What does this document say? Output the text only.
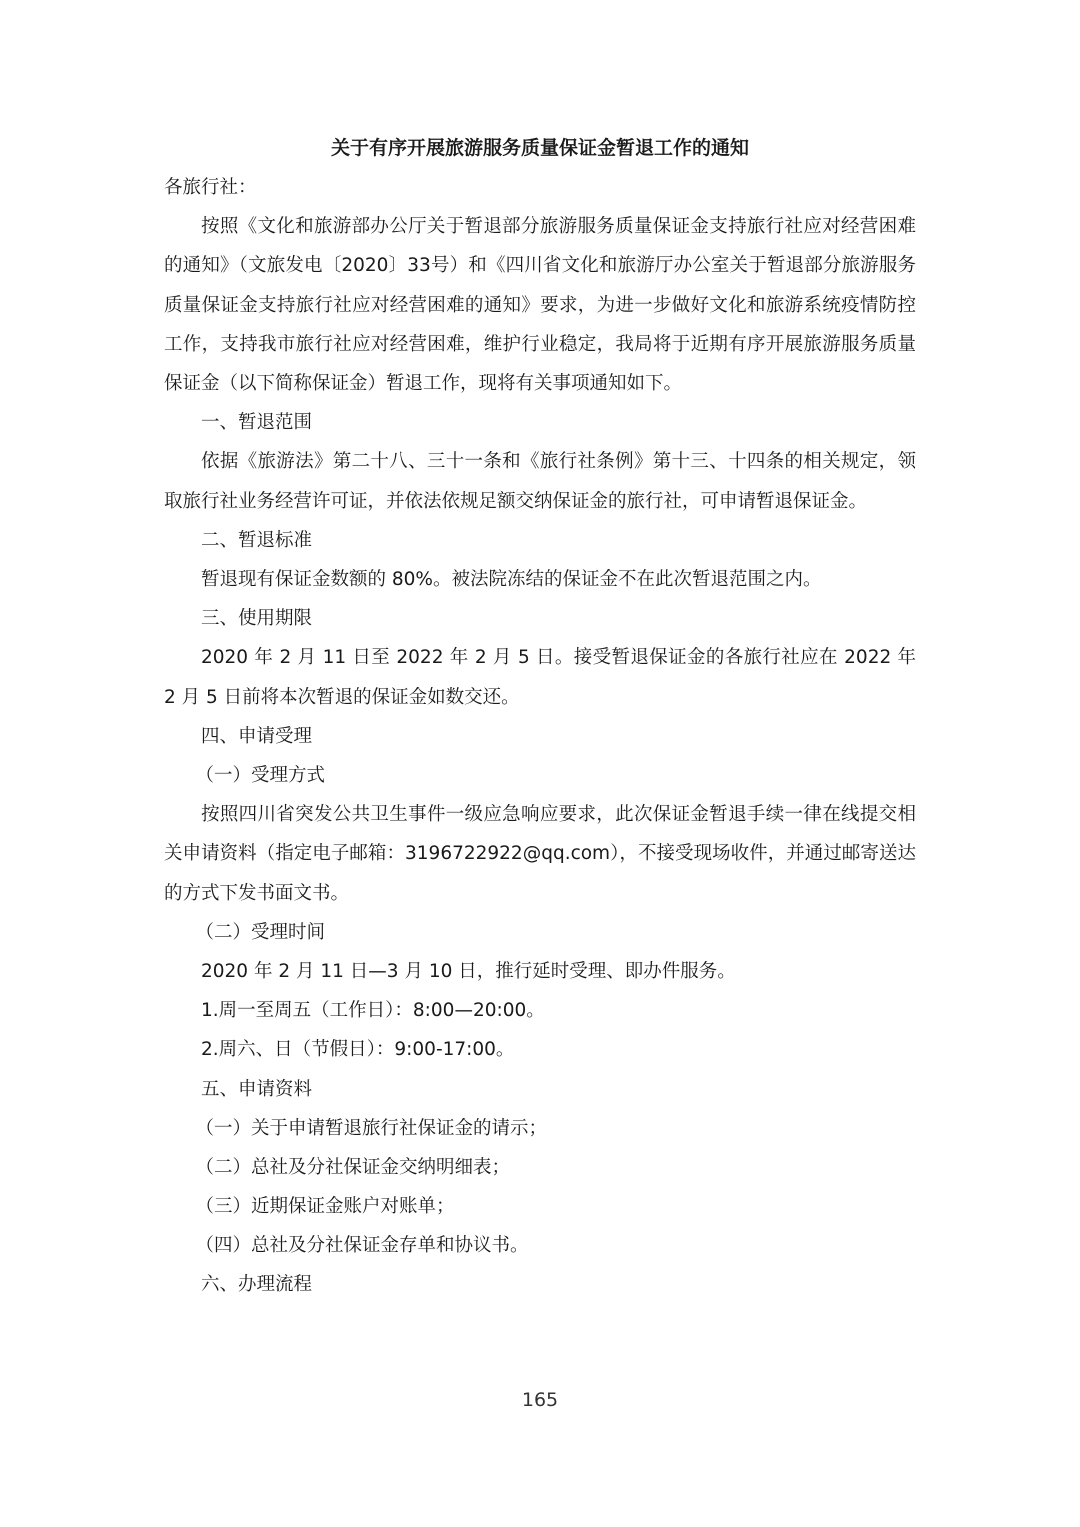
关于有序开展旅游服务质量保证金暂退工作的通知

各旅行社：

按照《文化和旅游部办公厅关于暂退部分旅游服务质量保证金支持旅行社应对经营困难的通知》（文旅发电〔2020〕33号）和《四川省文化和旅游厅办公室关于暂退部分旅游服务质量保证金支持旅行社应对经营困难的通知》要求，为进一步做好文化和旅游系统疫情防控工作，支持我市旅行社应对经营困难，维护行业稳定，我局将于近期有序开展旅游服务质量保证金（以下简称保证金）暂退工作，现将有关事项通知如下。

一、暂退范围

依据《旅游法》第二十八、三十一条和《旅行社条例》第十三、十四条的相关规定，领取旅行社业务经营许可证，并依法依规足额交纳保证金的旅行社，可申请暂退保证金。

二、暂退标准

暂退现有保证金数额的 80%。被法院冻结的保证金不在此次暂退范围之内。

三、使用期限

2020 年 2 月 11 日至 2022 年 2 月 5 日。接受暂退保证金的各旅行社应在 2022 年 2 月 5 日前将本次暂退的保证金如数交还。

四、申请受理

（一）受理方式

按照四川省突发公共卫生事件一级应急响应要求，此次保证金暂退手续一律在线提交相关申请资料（指定电子邮箱：3196722922@qq.com），不接受现场收件，并通过邮寄送达的方式下发书面文书。

（二）受理时间

2020 年 2 月 11 日—3 月 10 日，推行延时受理、即办件服务。

1.周一至周五（工作日）：8:00—20:00。

2.周六、日（节假日）：9:00-17:00。

五、申请资料

（一）关于申请暂退旅行社保证金的请示；

（二）总社及分社保证金交纳明细表；

（三）近期保证金账户对账单；

（四）总社及分社保证金存单和协议书。

六、办理流程

165
